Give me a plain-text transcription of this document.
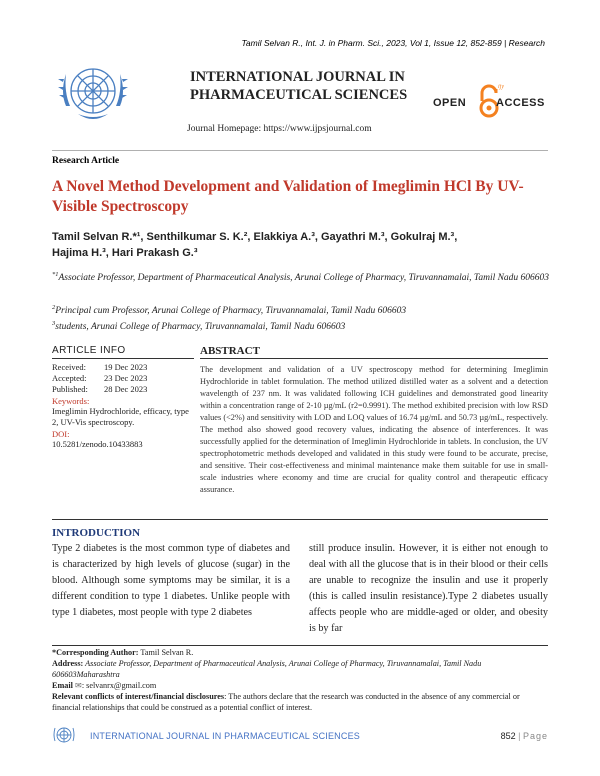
Tamil Selvan R., Int. J. in Pharm. Sci., 2023, Vol 1, Issue 12, 852-859 | Research
INTERNATIONAL JOURNAL IN PHARMACEUTICAL SCIENCES
Journal Homepage: https://www.ijpsjournal.com
ijy
OPEN	ACCESS
Research Article
A Novel Method Development and Validation of Imeglimin HCl By UV-Visible Spectroscopy
Tamil Selvan R.*¹, Senthilkumar S. K.², Elakkiya A.³, Gayathri M.³, Gokulraj M.³,
Hajima H.³, Hari Prakash G.³
$^{*1}$Associate Professor, Department of Pharmaceutical Analysis, Arunai College of Pharmacy, Tiruvannamalai, Tamil Nadu 606603
$^2$Principal cum Professor, Arunai College of Pharmacy, Tiruvannamalai, Tamil Nadu 606603
$^3$students, Arunai College of Pharmacy, Tiruvannamalai, Tamil Nadu 606603
ARTICLE INFO
Received:	19 Dec 2023
Accepted:	23 Dec 2023
Published:	28 Dec 2023
Keywords:
Imeglimin Hydrochloride, efficacy, type 2, UV-Vis spectroscopy.
DOI:
10.5281/zenodo.10433883
ABSTRACT
The development and validation of a UV spectroscopy method for determining Imeglimin Hydrochloride in tablet formulation. The method utilized distilled water as a solvent and a detection wavelength of 237 nm. It was validated following ICH guidelines and demonstrated good linearity within a concentration range of 2-10 µg/mL (r2=0.9991). The method exhibited precision with low RSD values (<2%) and sensitivity with LOD and LOQ values of 16.74 µg/mL and 50.73 µg/mL, respectively. The method also showed good recovery values, indicating the absence of interferences. It was successfully applied for the determination of Imeglimin Hydrochloride in tablets. In conclusion, the UV spectrophotometric methods developed and validated in this study were found to be accurate, precise, and sensitive. Their cost-effectiveness and minimal maintenance make them suitable for use in small-scale industries where economy and time are crucial for quality control and therapeutic efficacy assurance.
INTRODUCTION
Type 2 diabetes is the most common type of diabetes and is characterized by high levels of glucose (sugar) in the blood. Although some symptoms may be similar, it is a different condition to type 1 diabetes. Unlike people with type 1 diabetes, most people with type 2 diabetes
still produce insulin. However, it is either not enough to deal with all the glucose that is in their blood or their cells are unable to recognize the insulin and use it properly (this is called insulin resistance).Type 2 diabetes usually affects people who are middle-aged or older, and obesity is by far
*Corresponding Author: Tamil Selvan R.
Address: Associate Professor, Department of Pharmaceutical Analysis, Arunai College of Pharmacy, Tiruvannamalai, Tamil Nadu 606603Maharashtra
Email ✉: selvanrx@gmail.com
Relevant conflicts of interest/financial disclosures: The authors declare that the research was conducted in the absence of any commercial or financial relationships that could be construed as a potential conflict of interest.
INTERNATIONAL JOURNAL IN PHARMACEUTICAL SCIENCES	852 | Page
